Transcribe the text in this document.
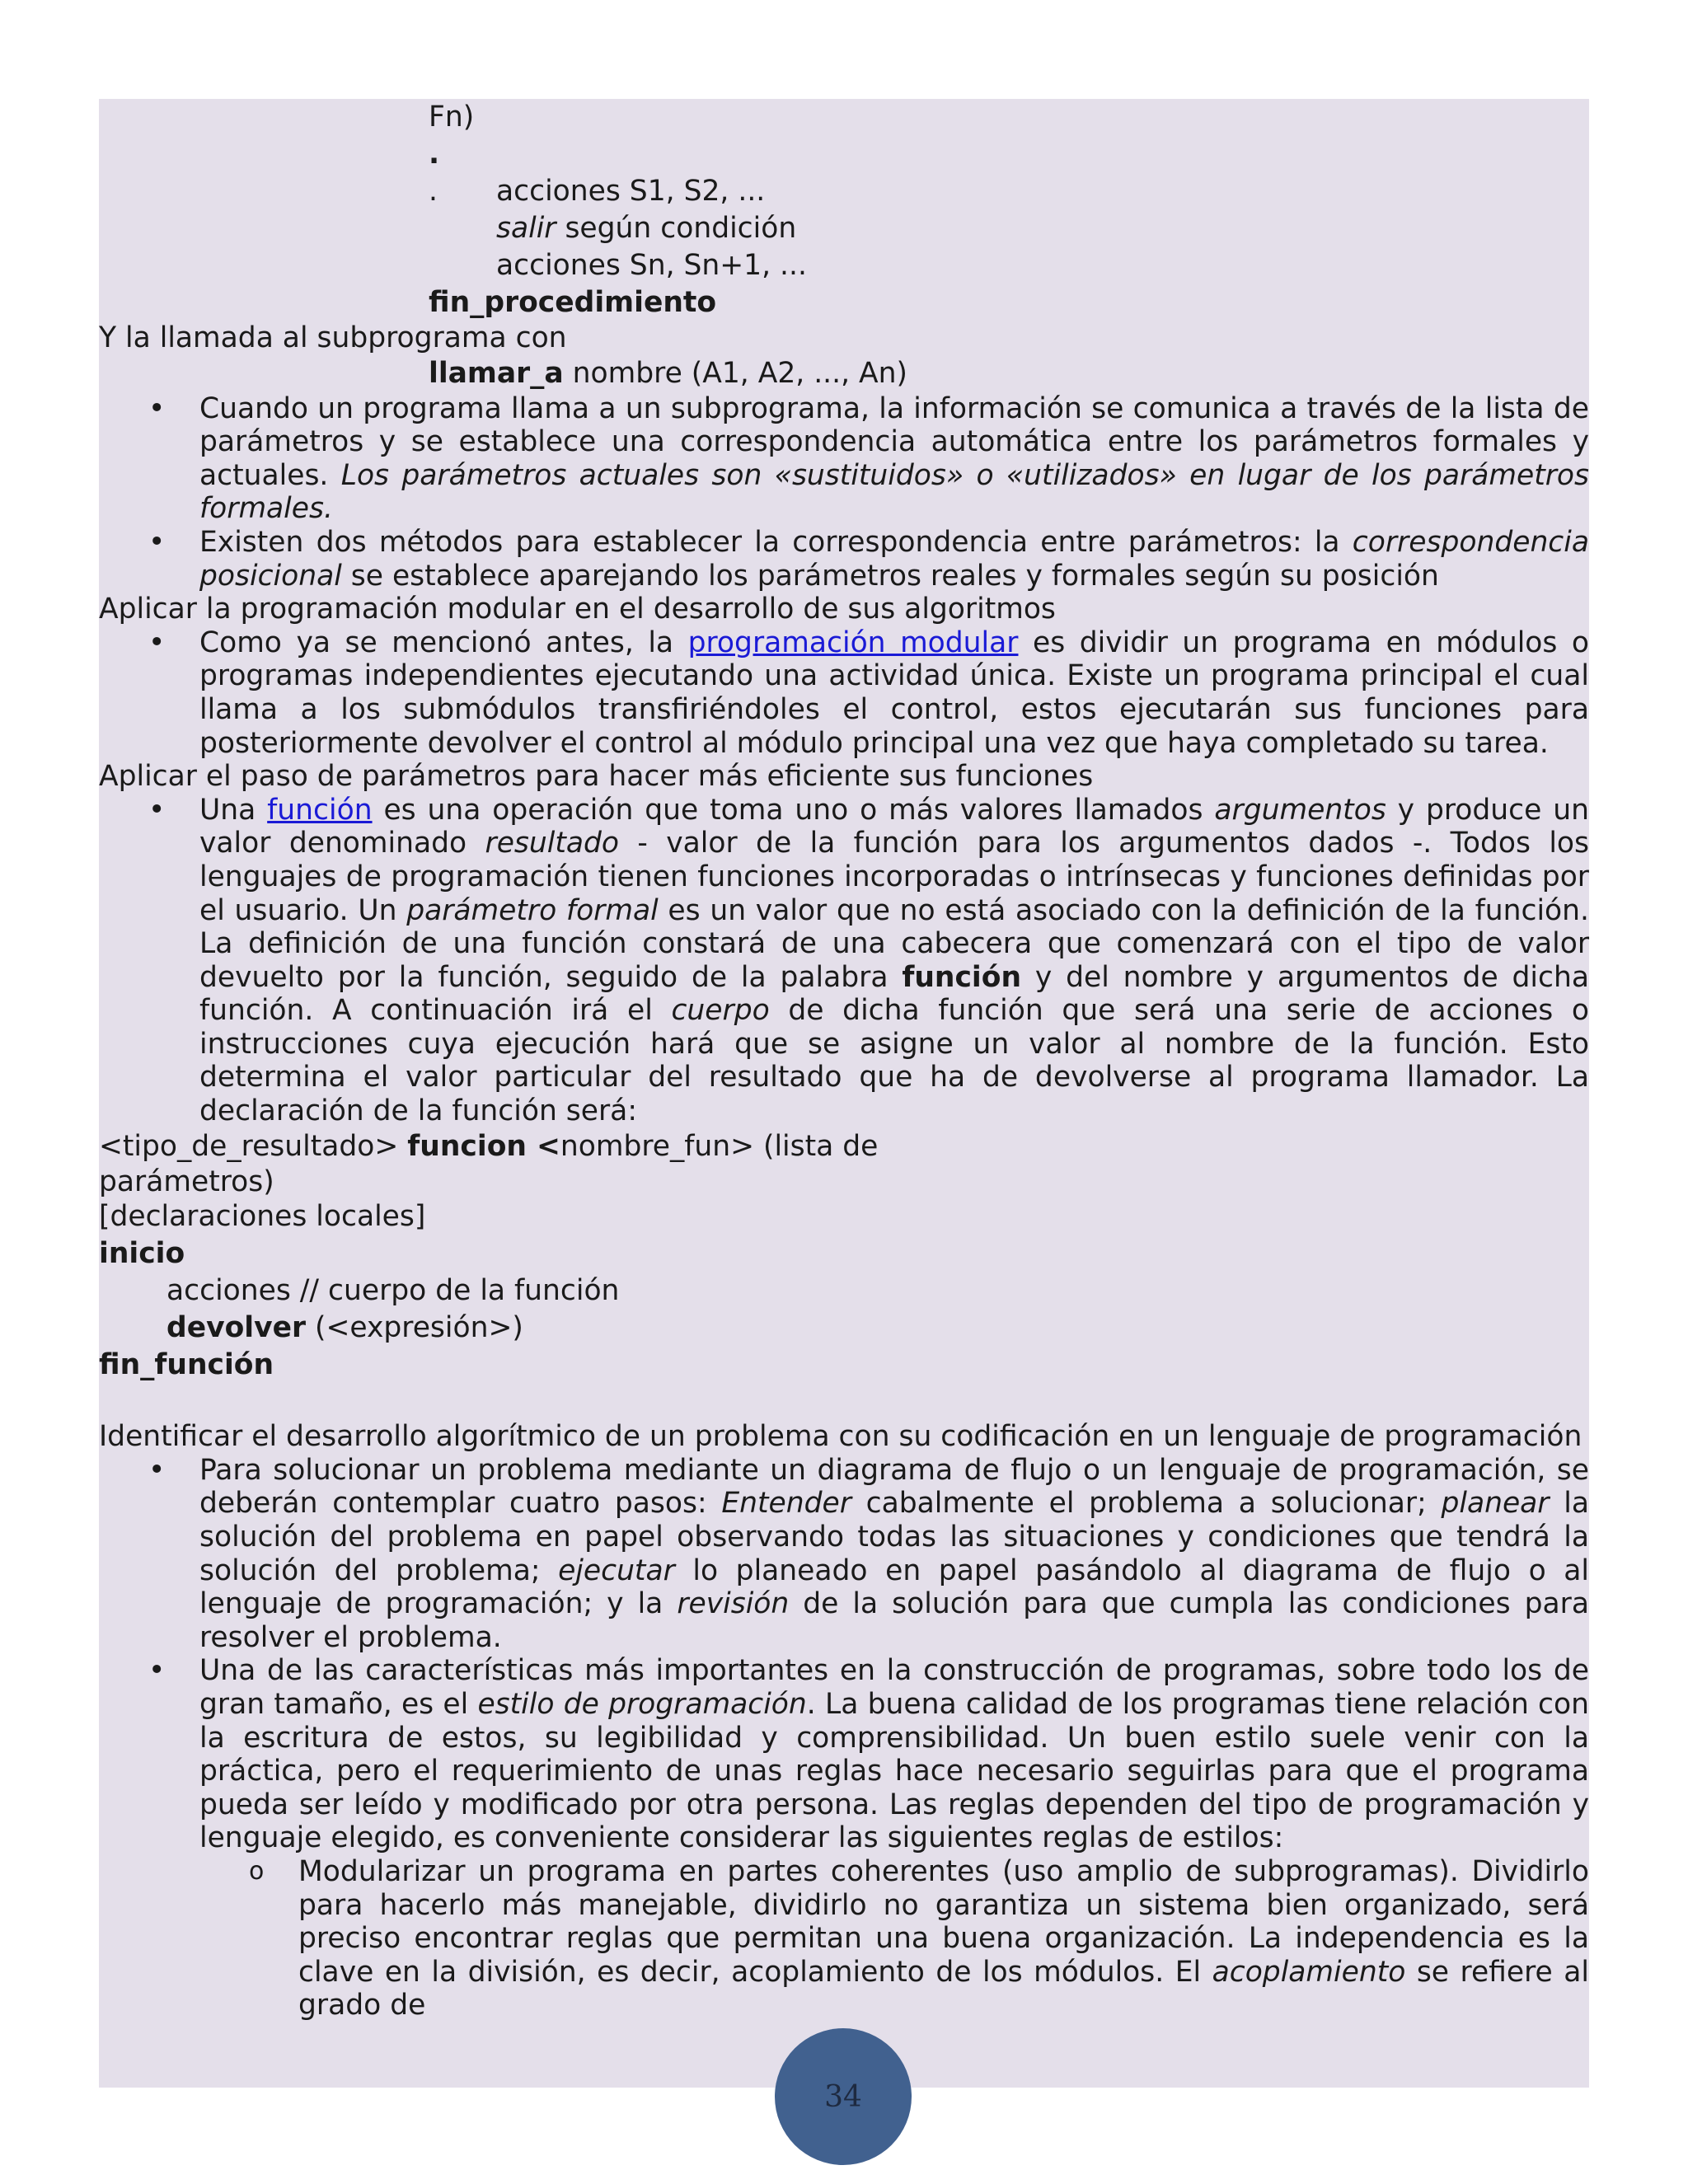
Fn)
.
. acciones S1, S2, ...
salir según condición
acciones Sn, Sn+1, ...
fin_procedimiento
Y la llamada al subprograma con
llamar_a nombre (A1, A2, ..., An)
• Cuando un programa llama a un subprograma, la información se comunica a través de la lista de parámetros y se establece una correspondencia automática entre los parámetros formales y actuales. Los parámetros actuales son «sustituidos» o «utilizados» en lugar de los parámetros formales.
• Existen dos métodos para establecer la correspondencia entre parámetros: la correspondencia posicional se establece aparejando los parámetros reales y formales según su posición
Aplicar la programación modular en el desarrollo de sus algoritmos
• Como ya se mencionó antes, la programación modular es dividir un programa en módulos o programas independientes ejecutando una actividad única. Existe un programa principal el cual llama a los submódulos transfiriéndoles el control, estos ejecutarán sus funciones para posteriormente devolver el control al módulo principal una vez que haya completado su tarea.
Aplicar el paso de parámetros para hacer más eficiente sus funciones
• Una función es una operación que toma uno o más valores llamados argumentos y produce un valor denominado resultado - valor de la función para los argumentos dados -. Todos los lenguajes de programación tienen funciones incorporadas o intrínsecas y funciones definidas por el usuario. Un parámetro formal es un valor que no está asociado con la definición de la función. La definición de una función constará de una cabecera que comenzará con el tipo de valor devuelto por la función, seguido de la palabra función y del nombre y argumentos de dicha función. A continuación irá el cuerpo de dicha función que será una serie de acciones o instrucciones cuya ejecución hará que se asigne un valor al nombre de la función. Esto determina el valor particular del resultado que ha de devolverse al programa llamador. La declaración de la función será:
<tipo_de_resultado> funcion <nombre_fun> (lista de
parámetros)
[declaraciones locales]
inicio
acciones // cuerpo de la función
devolver (<expresión>)
fin_función
Identificar el desarrollo algorítmico de un problema con su codificación en un lenguaje de programación
• Para solucionar un problema mediante un diagrama de flujo o un lenguaje de programación, se deberán contemplar cuatro pasos: Entender cabalmente el problema a solucionar; planear la solución del problema en papel observando todas las situaciones y condiciones que tendrá la solución del problema; ejecutar lo planeado en papel pasándolo al diagrama de flujo o al lenguaje de programación; y la revisión de la solución para que cumpla las condiciones para resolver el problema.
• Una de las características más importantes en la construcción de programas, sobre todo los de gran tamaño, es el estilo de programación. La buena calidad de los programas tiene relación con la escritura de estos, su legibilidad y comprensibilidad. Un buen estilo suele venir con la práctica, pero el requerimiento de unas reglas hace necesario seguirlas para que el programa pueda ser leído y modificado por otra persona. Las reglas dependen del tipo de programación y lenguaje elegido, es conveniente considerar las siguientes reglas de estilos:
o Modularizar un programa en partes coherentes (uso amplio de subprogramas). Dividirlo para hacerlo más manejable, dividirlo no garantiza un sistema bien organizado, será preciso encontrar reglas que permitan una buena organización. La independencia es la clave en la división, es decir, acoplamiento de los módulos. El acoplamiento se refiere al grado de
34
